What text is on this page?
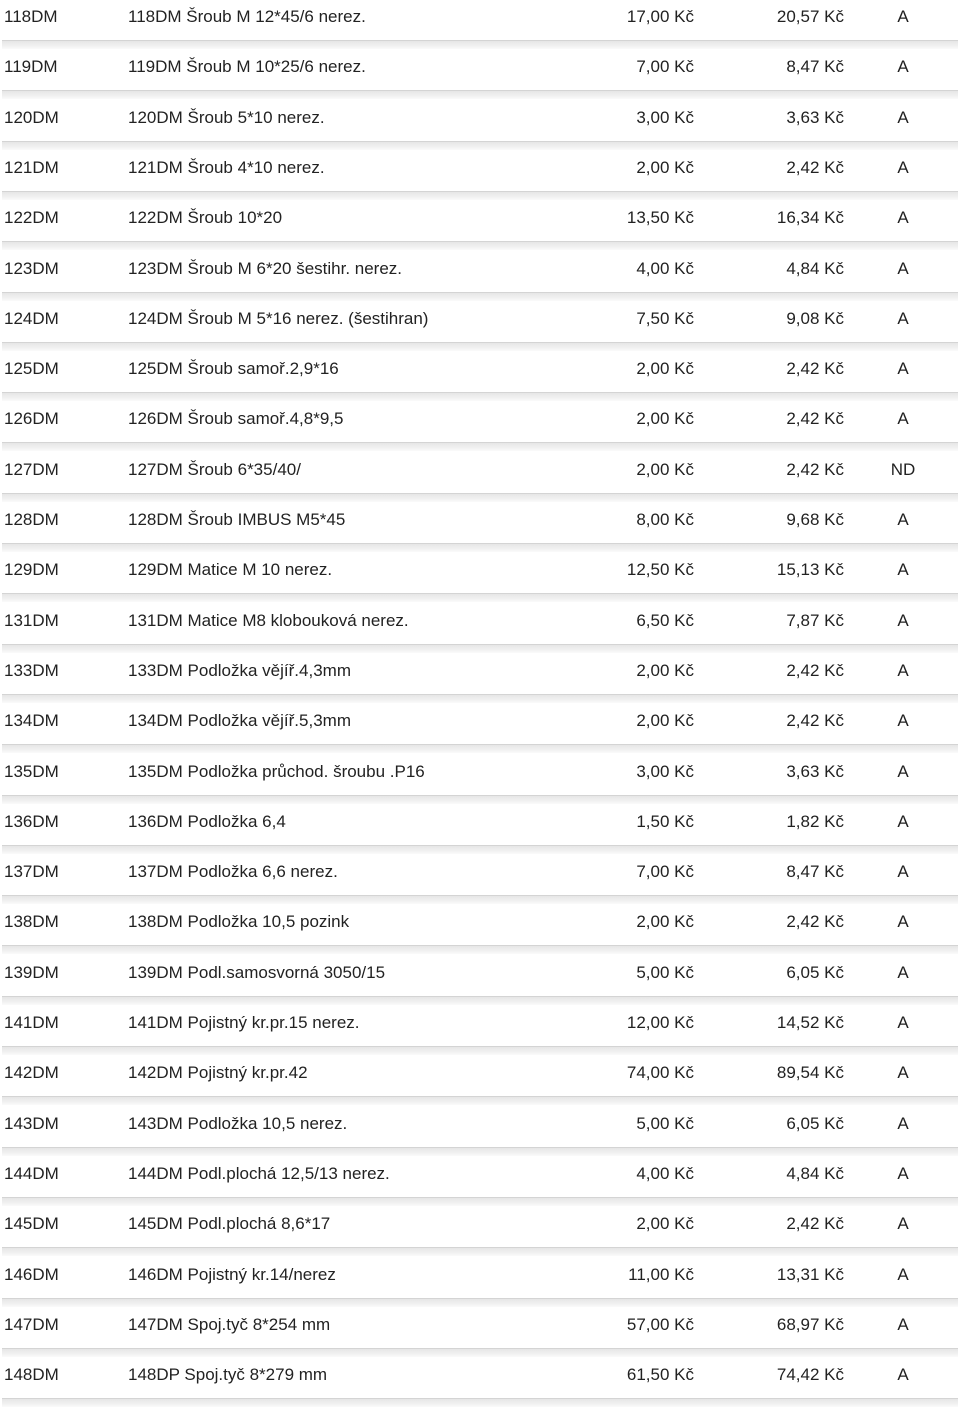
118DM	118DM Šroub M 12*45/6 nerez.	17,00 Kč	20,57 Kč	A
119DM	119DM Šroub M 10*25/6 nerez.	7,00 Kč	8,47 Kč	A
120DM	120DM Šroub 5*10 nerez.	3,00 Kč	3,63 Kč	A
121DM	121DM Šroub 4*10 nerez.	2,00 Kč	2,42 Kč	A
122DM	122DM Šroub 10*20	13,50 Kč	16,34 Kč	A
123DM	123DM Šroub M 6*20 šestihr. nerez.	4,00 Kč	4,84 Kč	A
124DM	124DM Šroub M 5*16 nerez. (šestihran)	7,50 Kč	9,08 Kč	A
125DM	125DM Šroub samoř.2,9*16	2,00 Kč	2,42 Kč	A
126DM	126DM Šroub samoř.4,8*9,5	2,00 Kč	2,42 Kč	A
127DM	127DM Šroub 6*35/40/	2,00 Kč	2,42 Kč	ND
128DM	128DM Šroub IMBUS M5*45	8,00 Kč	9,68 Kč	A
129DM	129DM Matice M 10 nerez.	12,50 Kč	15,13 Kč	A
131DM	131DM Matice M8 klobouková nerez.	6,50 Kč	7,87 Kč	A
133DM	133DM Podložka vějíř.4,3mm	2,00 Kč	2,42 Kč	A
134DM	134DM Podložka vějíř.5,3mm	2,00 Kč	2,42 Kč	A
135DM	135DM Podložka průchod. šroubu .P16	3,00 Kč	3,63 Kč	A
136DM	136DM Podložka 6,4	1,50 Kč	1,82 Kč	A
137DM	137DM Podložka 6,6 nerez.	7,00 Kč	8,47 Kč	A
138DM	138DM Podložka 10,5 pozink	2,00 Kč	2,42 Kč	A
139DM	139DM Podl.samosvorná 3050/15	5,00 Kč	6,05 Kč	A
141DM	141DM Pojistný kr.pr.15 nerez.	12,00 Kč	14,52 Kč	A
142DM	142DM Pojistný kr.pr.42	74,00 Kč	89,54 Kč	A
143DM	143DM Podložka 10,5 nerez.	5,00 Kč	6,05 Kč	A
144DM	144DM Podl.plochá 12,5/13 nerez.	4,00 Kč	4,84 Kč	A
145DM	145DM Podl.plochá 8,6*17	2,00 Kč	2,42 Kč	A
146DM	146DM Pojistný kr.14/nerez	11,00 Kč	13,31 Kč	A
147DM	147DM Spoj.tyč 8*254 mm	57,00 Kč	68,97 Kč	A
148DM	148DP Spoj.tyč 8*279 mm	61,50 Kč	74,42 Kč	A
